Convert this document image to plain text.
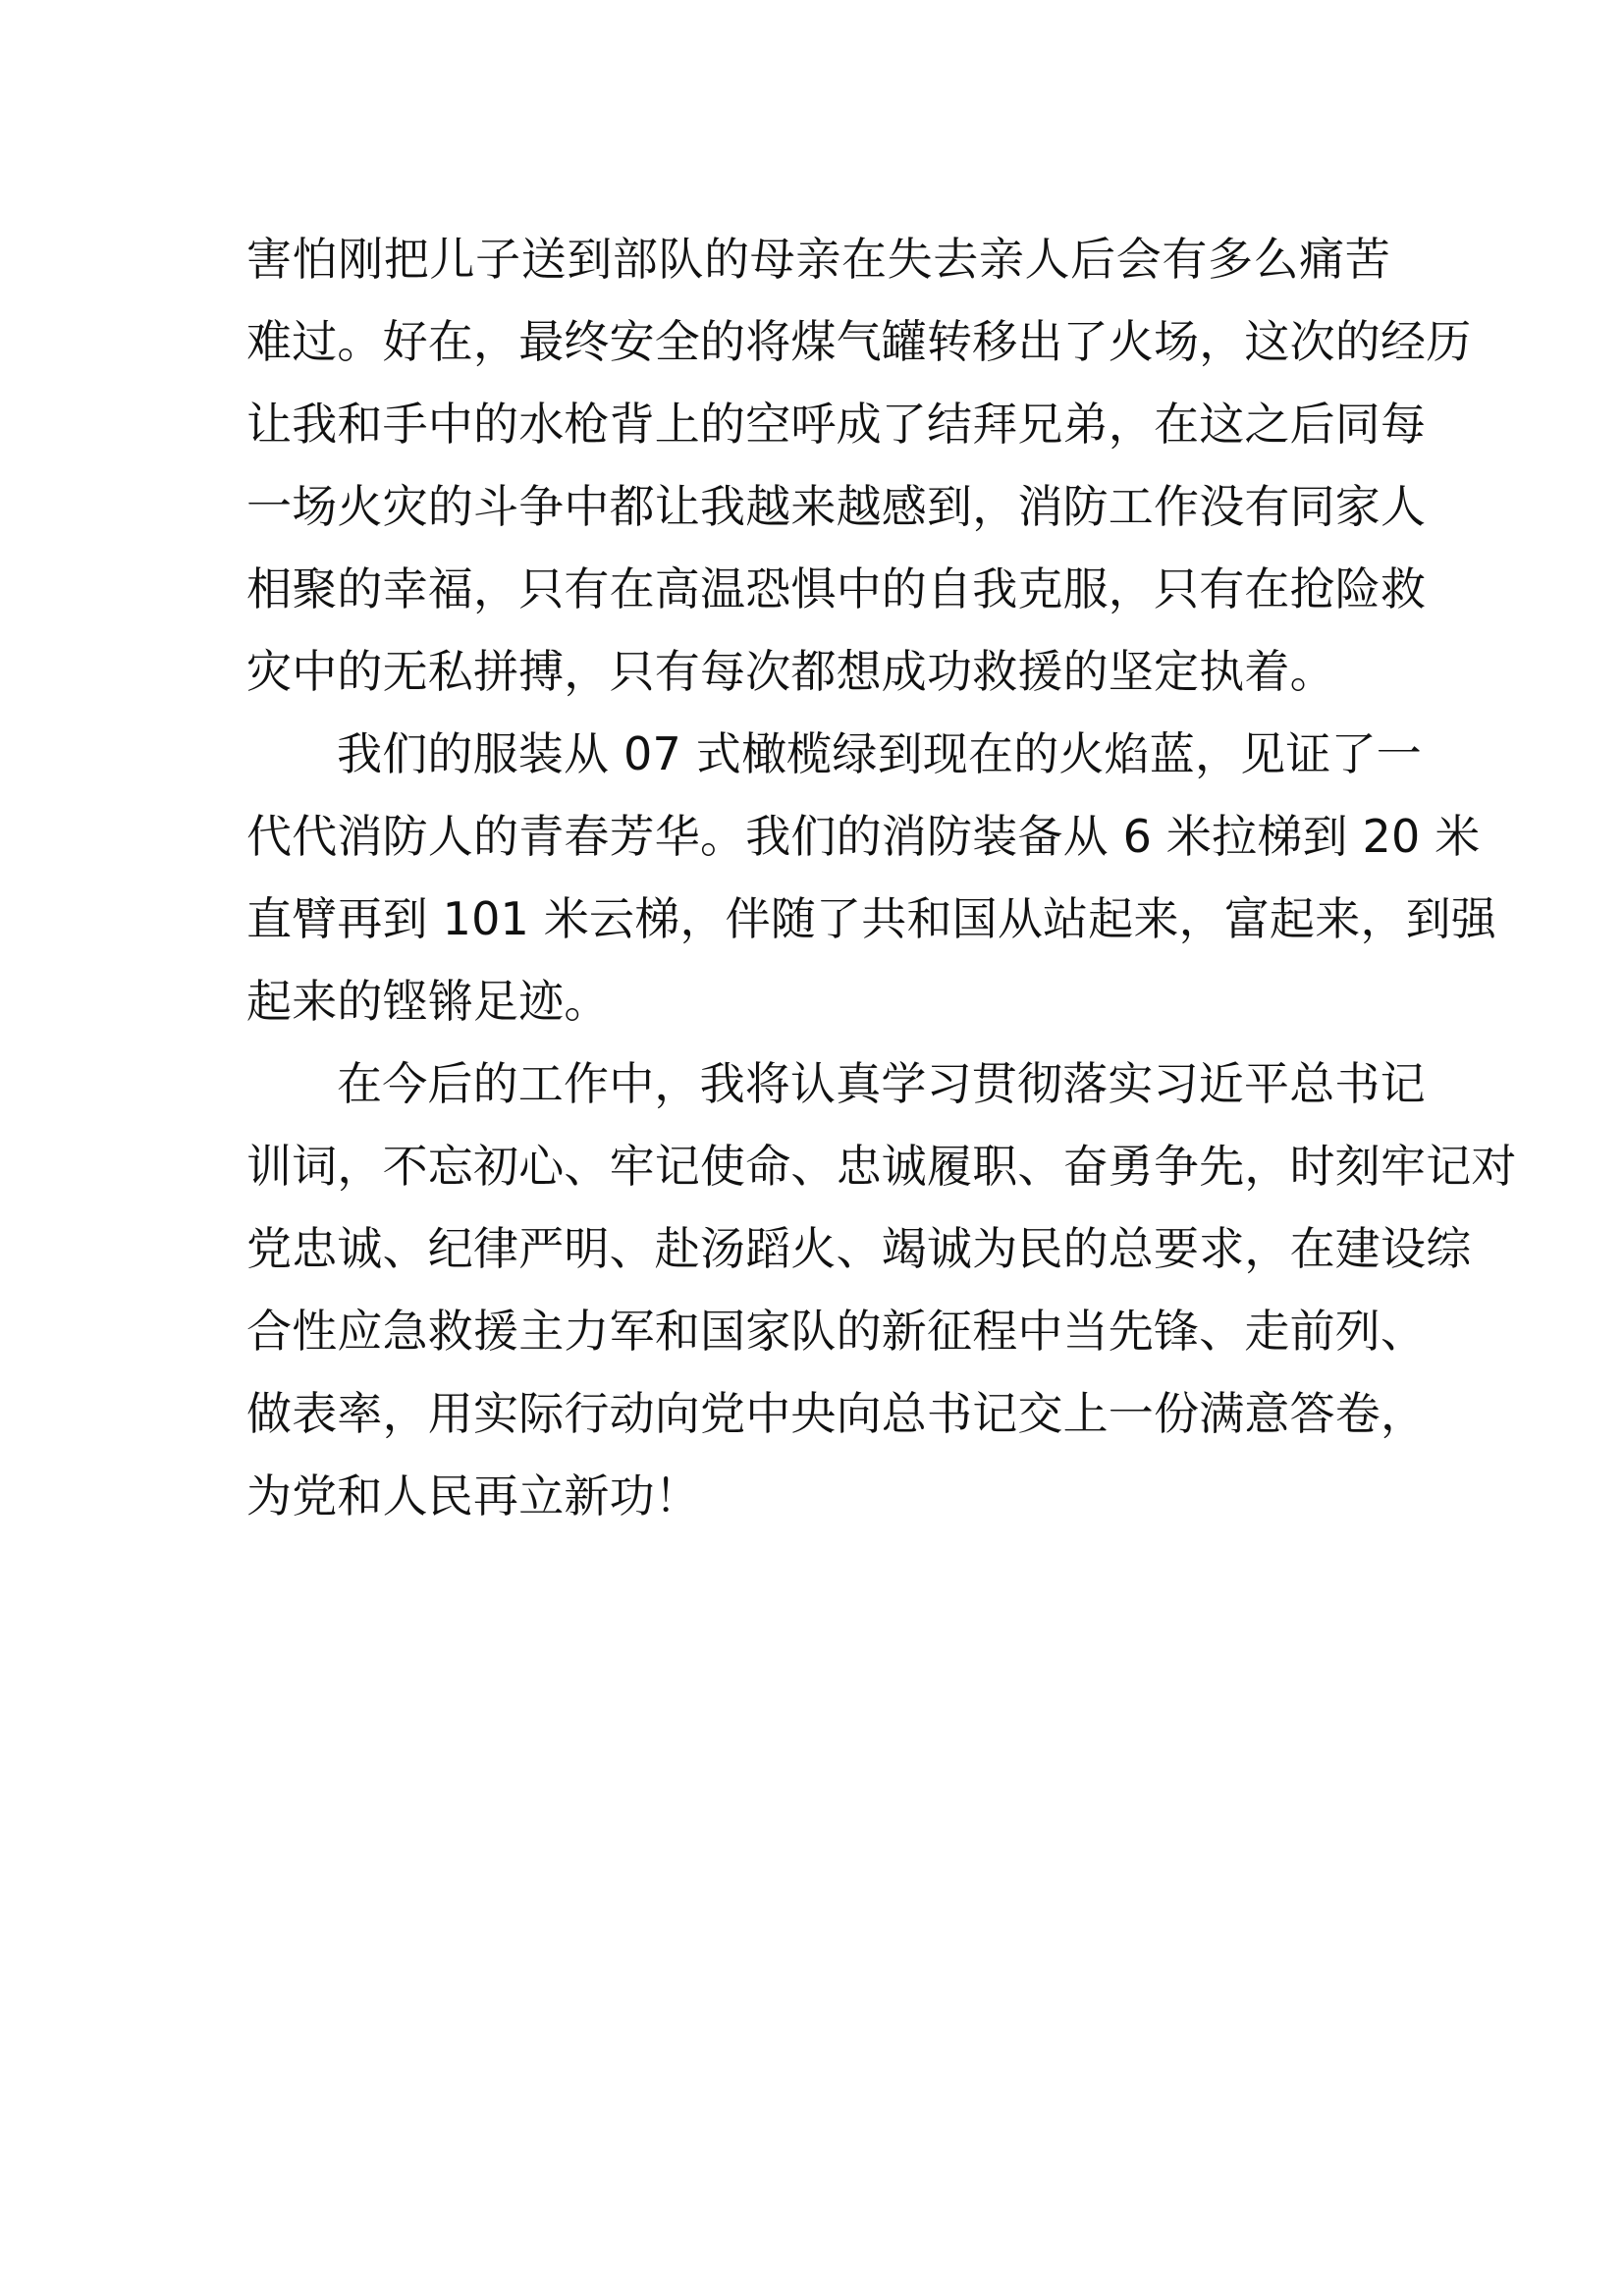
害怕刚把儿子送到部队的母亲在失去亲人后会有多么痛苦
难过。好在，最终安全的将煤气罐转移出了火场，这次的经历
让我和手中的水枪背上的空呼成了结拜兄弟，在这之后同每
一场火灾的斗争中都让我越来越感到，消防工作没有同家人
相聚的幸福，只有在高温恐惧中的自我克服，只有在抢险救
灾中的无私拼搏，只有每次都想成功救援的坚定执着。
我们的服装从 07 式橄榄绿到现在的火焰蓝，见证了一
代代消防人的青春芳华。我们的消防装备从 6 米拉梯到 20 米
直臂再到 101 米云梯，伴随了共和国从站起来，富起来，到强
起来的铿锵足迹。
在今后的工作中，我将认真学习贯彻落实习近平总书记
训词，不忘初心、牢记使命、忠诚履职、奋勇争先，时刻牢记对
党忠诚、纪律严明、赴汤蹈火、竭诚为民的总要求，在建设综
合性应急救援主力军和国家队的新征程中当先锋、走前列、
做表率，用实际行动向党中央向总书记交上一份满意答卷，
为党和人民再立新功！
